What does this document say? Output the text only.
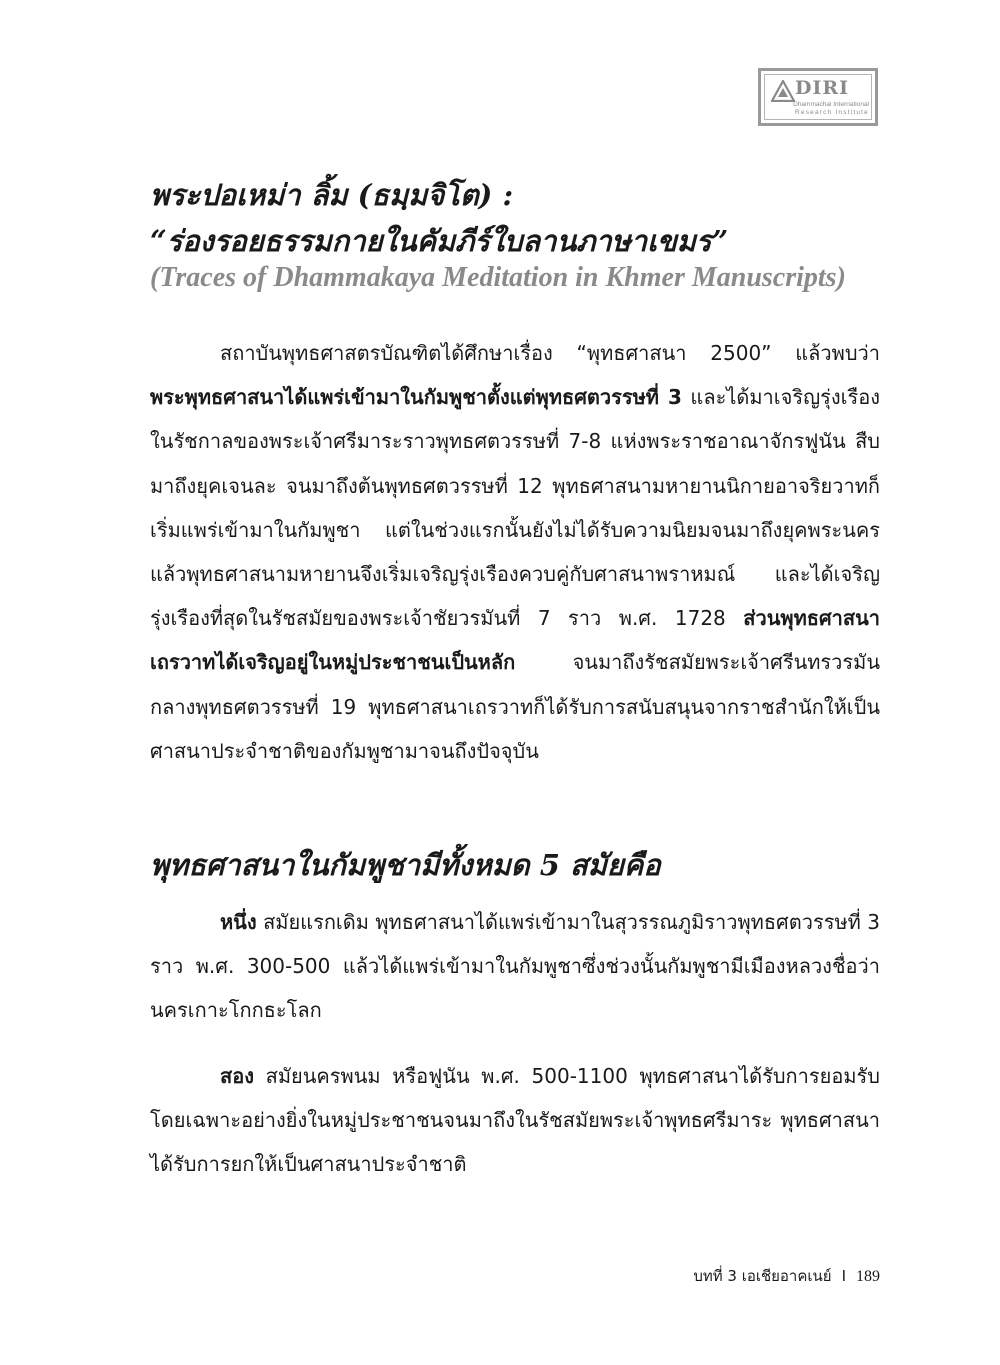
DIRI
Dhammachai International
Research Institute
พระปอเหม่า ลิ้ม (ธมฺมจิโต) :
“ร่องรอยธรรมกายในคัมภีร์ใบลานภาษาเขมร”
(Traces of Dhammakaya Meditation in Khmer Manuscripts)

สถาบันพุทธศาสตรบัณฑิตได้ศึกษาเรื่อง “พุทธศาสนา 2500” แล้วพบว่า พระพุทธศาสนาได้แพร่เข้ามาในกัมพูชาตั้งแต่พุทธศตวรรษที่ 3 และได้มาเจริญรุ่งเรืองในรัชกาลของพระเจ้าศรีมาระราวพุทธศตวรรษที่ 7-8 แห่งพระราชอาณาจักรฟูนัน สืบมาถึงยุคเจนละ จนมาถึงต้นพุทธศตวรรษที่ 12 พุทธศาสนามหายานนิกายอาจริยวาทก็เริ่มแพร่เข้ามาในกัมพูชา แต่ในช่วงแรกนั้นยังไม่ได้รับความนิยมจนมาถึงยุคพระนครแล้วพุทธศาสนามหายานจึงเริ่มเจริญรุ่งเรืองควบคู่กับศาสนาพราหมณ์ และได้เจริญรุ่งเรืองที่สุดในรัชสมัยของพระเจ้าชัยวรมันที่ 7 ราว พ.ศ. 1728 ส่วนพุทธศาสนาเถรวาทได้เจริญอยู่ในหมู่ประชาชนเป็นหลัก จนมาถึงรัชสมัยพระเจ้าศรีนทรวรมัน กลางพุทธศตวรรษที่ 19 พุทธศาสนาเถรวาทก็ได้รับการสนับสนุนจากราชสำนักให้เป็นศาสนาประจำชาติของกัมพูชามาจนถึงปัจจุบัน

พุทธศาสนาในกัมพูชามีทั้งหมด 5 สมัยคือ

หนึ่ง สมัยแรกเดิม พุทธศาสนาได้แพร่เข้ามาในสุวรรณภูมิราวพุทธศตวรรษที่ 3 ราว พ.ศ. 300-500 แล้วได้แพร่เข้ามาในกัมพูชาซึ่งช่วงนั้นกัมพูชามีเมืองหลวงชื่อว่า นครเกาะโกกธะโลก

สอง สมัยนครพนม หรือฟูนัน พ.ศ. 500-1100 พุทธศาสนาได้รับการยอมรับโดยเฉพาะอย่างยิ่งในหมู่ประชาชนจนมาถึงในรัชสมัยพระเจ้าพุทธศรีมาระ พุทธศาสนาได้รับการยกให้เป็นศาสนาประจำชาติ

บทที่ 3 เอเชียอาคเนย์ I 189
